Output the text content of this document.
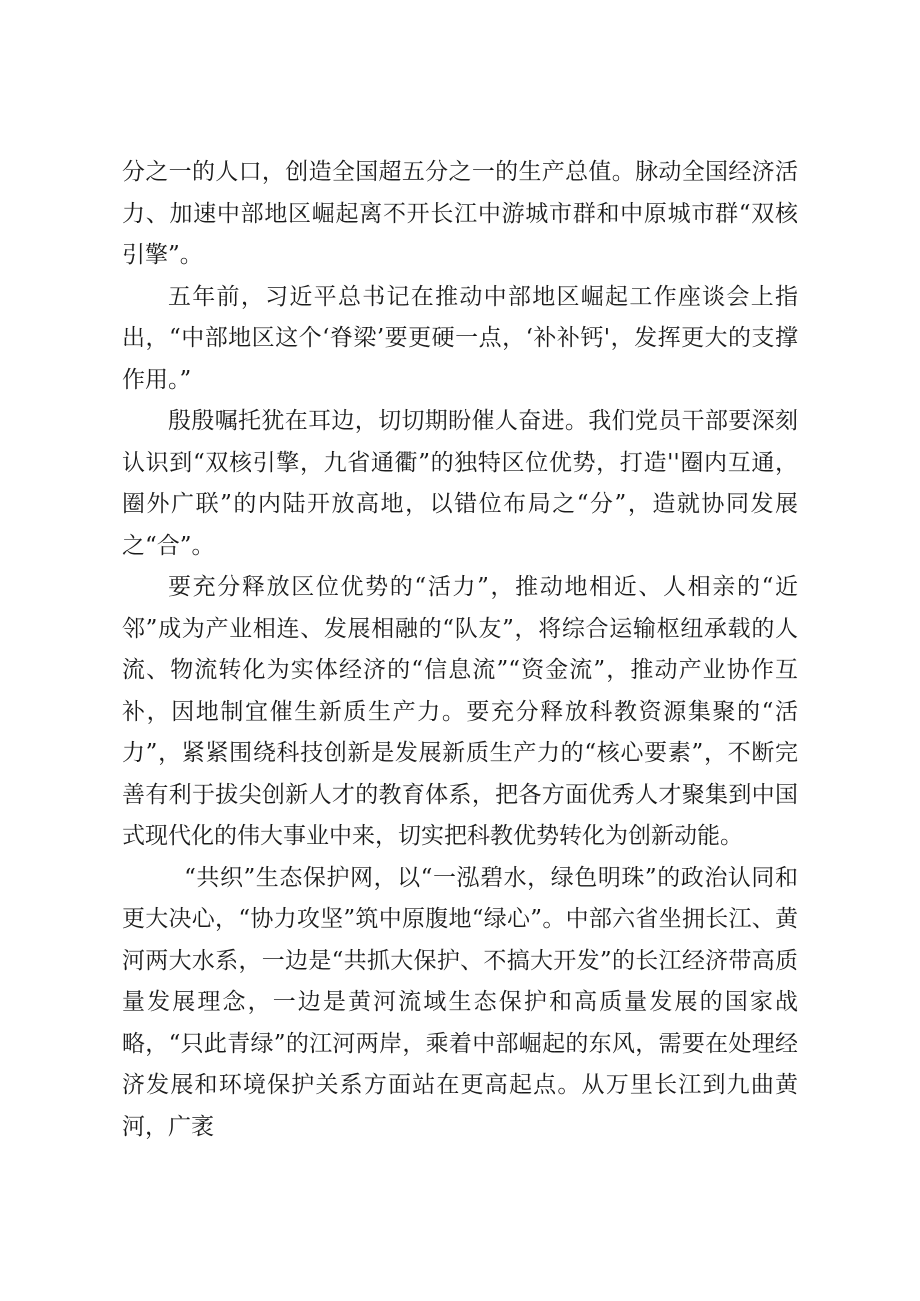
分之一的人口，创造全国超五分之一的生产总值。脉动全国经济活力、加速中部地区崛起离不开长江中游城市群和中原城市群“双核引擎”。

五年前，习近平总书记在推动中部地区崛起工作座谈会上指出，“中部地区这个‘脊梁’要更硬一点，‘补补钙'，发挥更大的支撑作用。”

殷殷嘱托犹在耳边，切切期盼催人奋进。我们党员干部要深刻认识到“双核引擎，九省通衢”的独特区位优势，打造''圈内互通，圈外广联”的内陆开放高地，以错位布局之“分”，造就协同发展之“合”。

要充分释放区位优势的“活力”，推动地相近、人相亲的“近邻”成为产业相连、发展相融的“队友”，将综合运输枢纽承载的人流、物流转化为实体经济的“信息流”“资金流”，推动产业协作互补，因地制宜催生新质生产力。要充分释放科教资源集聚的“活力”，紧紧围绕科技创新是发展新质生产力的“核心要素”，不断完善有利于拔尖创新人才的教育体系，把各方面优秀人才聚集到中国式现代化的伟大事业中来，切实把科教优势转化为创新动能。

“共织”生态保护网，以“一泓碧水，绿色明珠”的政治认同和更大决心，“协力攻坚”筑中原腹地“绿心”。中部六省坐拥长江、黄河两大水系，一边是“共抓大保护、不搞大开发”的长江经济带高质量发展理念，一边是黄河流域生态保护和高质量发展的国家战略，“只此青绿”的江河两岸，乘着中部崛起的东风，需要在处理经济发展和环境保护关系方面站在更高起点。从万里长江到九曲黄河，广袤
